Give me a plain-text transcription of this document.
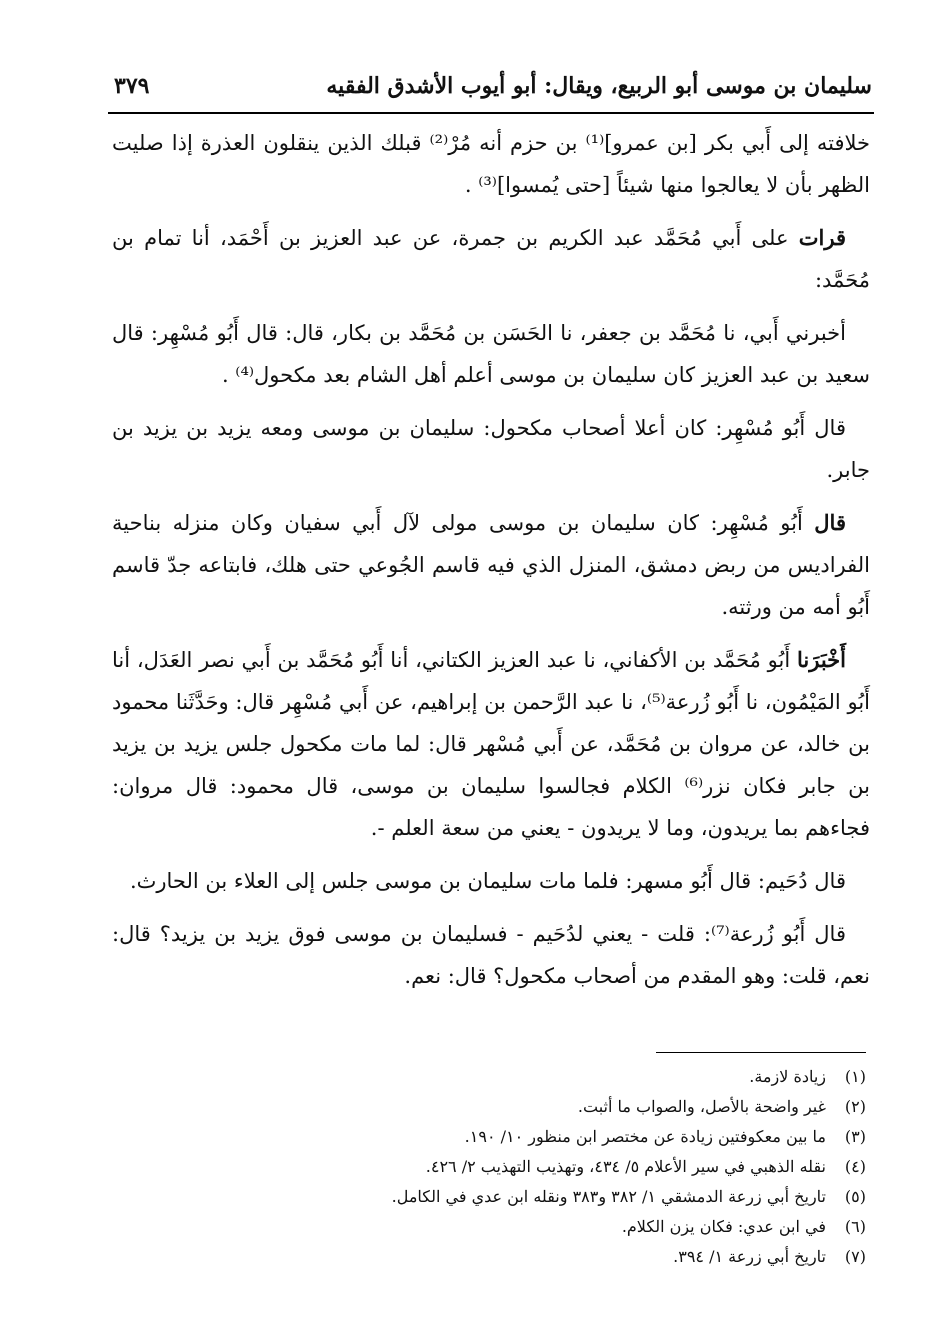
سليمان بن موسى أبو الربيع، ويقال: أبو أيوب الأشدق الفقيه
٣٧٩

خلافته إلى أَبي بكر [بن عمرو]⁽¹⁾ بن حزم أنه مُرْ⁽²⁾ قبلك الذين ينقلون العذرة إذا صليت الظهر بأن لا يعالجوا منها شيئاً [حتى يُمسوا]⁽³⁾ .

قرات على أَبي مُحَمَّد عبد الكريم بن جمرة، عن عبد العزيز بن أَحْمَد، أنا تمام بن مُحَمَّد:

أخبرني أَبي، نا مُحَمَّد بن جعفر، نا الحَسَن بن مُحَمَّد بن بكار، قال: قال أَبُو مُسْهِر: قال سعيد بن عبد العزيز كان سليمان بن موسى أعلم أهل الشام بعد مكحول⁽⁴⁾ .

قال أَبُو مُسْهِر: كان أعلا أصحاب مكحول: سليمان بن موسى ومعه يزيد بن يزيد بن جابر.

قال أَبُو مُسْهِر: كان سليمان بن موسى مولى لآل أَبي سفيان وكان منزله بناحية الفراديس من ربض دمشق، المنزل الذي فيه قاسم الجُوعي حتى هلك، فابتاعه جدّ قاسم أَبُو أمه من ورثته.

أَخْبَرَنا أَبُو مُحَمَّد بن الأكفاني، نا عبد العزيز الكتاني، أنا أَبُو مُحَمَّد بن أَبي نصر العَدَل، أنا أَبُو المَيْمُون، نا أَبُو زُرعة⁽⁵⁾، نا عبد الرَّحمن بن إبراهيم، عن أَبي مُسْهِر قال: وحَدَّثَنا محمود بن خالد، عن مروان بن مُحَمَّد، عن أَبي مُسْهر قال: لما مات مكحول جلس يزيد بن يزيد بن جابر فكان نزر⁽⁶⁾ الكلام فجالسوا سليمان بن موسى، قال محمود: قال مروان: فجاءهم بما يريدون، وما لا يريدون - يعني من سعة العلم -.

قال دُحَيم: قال أَبُو مسهر: فلما مات سليمان بن موسى جلس إلى العلاء بن الحارث.

قال أَبُو زُرعة⁽⁷⁾: قلت - يعني لدُحَيم - فسليمان بن موسى فوق يزيد بن يزيد؟ قال: نعم، قلت: وهو المقدم من أصحاب مكحول؟ قال: نعم.

(١)
زيادة لازمة.
(٢)
غير واضحة بالأصل، والصواب ما أثبت.
(٣)
ما بين معكوفتين زيادة عن مختصر ابن منظور ١٠/ ١٩٠.
(٤)
نقله الذهبي في سير الأعلام ٥/ ٤٣٤، وتهذيب التهذيب ٢/ ٤٢٦.
(٥)
تاريخ أبي زرعة الدمشقي ١/ ٣٨٢ و٣٨٣ ونقله ابن عدي في الكامل.
(٦)
في ابن عدي: فكان يزن الكلام.
(٧)
تاريخ أبي زرعة ١/ ٣٩٤.
